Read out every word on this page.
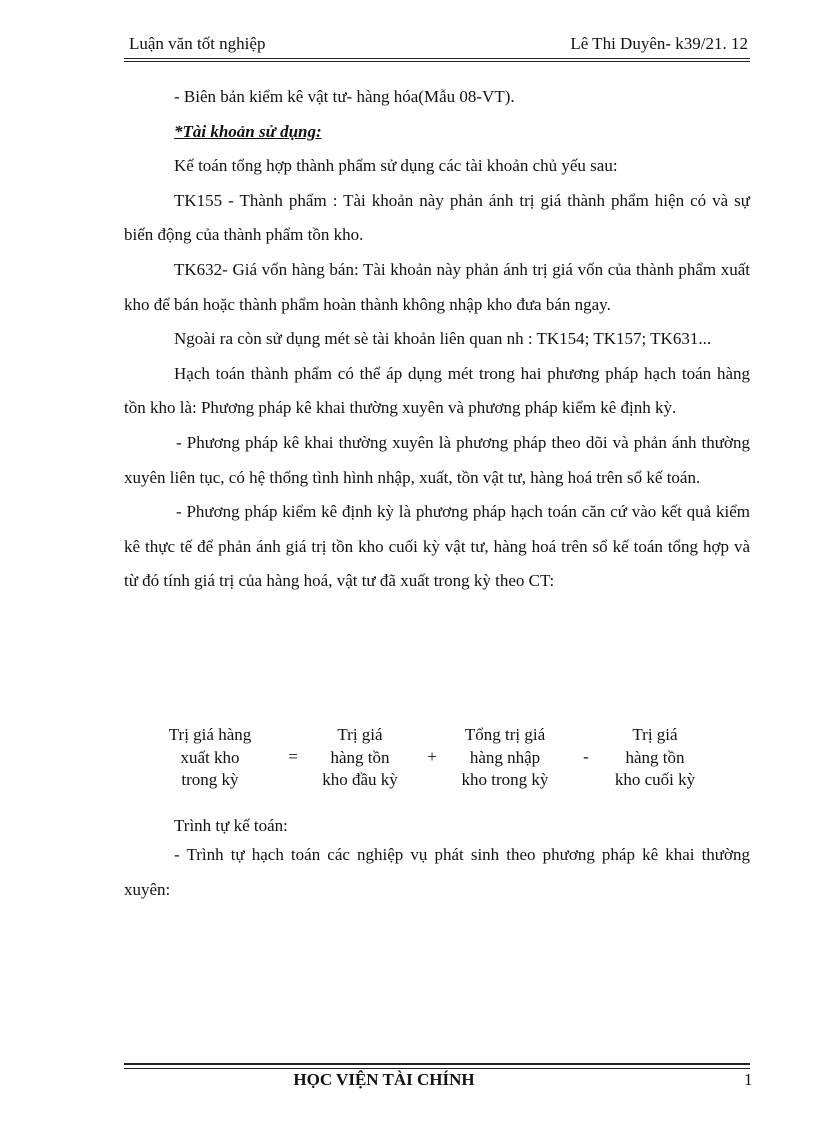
Luận văn tốt nghiệp	Lê Thi Duyên- k39/21. 12

- Biên bản kiểm kê vật tư- hàng hóa(Mẫu 08-VT).

*Tài khoản sử dụng:

Kế toán tổng hợp thành phẩm sử dụng các tài khoản chủ yếu sau:

TK155 - Thành phẩm : Tài khoản này phản ánh trị giá thành phẩm hiện có và sự biến động của thành phẩm tồn kho.

TK632- Giá vốn hàng bán: Tài khoản này phản ánh trị giá vốn của thành phẩm xuất kho để bán hoặc thành phẩm hoàn thành không nhập kho đưa bán ngay.

Ngoài ra còn sử dụng mét sè tài khoản liên quan nh : TK154; TK157; TK631...

Hạch toán thành phẩm có thể áp dụng mét trong hai phương pháp hạch toán hàng tồn kho là: Phương pháp kê khai thường xuyên và phương pháp kiểm kê định kỳ.

- Phương pháp kê khai thường xuyên là phương pháp theo dõi và phản ánh thường xuyên liên tục, có hệ thống tình hình nhập, xuất, tồn vật tư, hàng hoá trên sổ kế toán.

- Phương pháp kiểm kê định kỳ là phương pháp hạch toán căn cứ vào kết quả kiểm kê thực tế để phản ánh giá trị tồn kho cuối kỳ vật tư, hàng hoá trên sổ kế toán tổng hợp và từ đó tính giá trị của hàng hoá, vật tư đã xuất trong kỳ theo CT:

Trị giá hàng
xuất kho
trong kỳ
=
Trị giá
hàng tồn
kho đầu kỳ
+
Tổng trị giá
hàng nhập
kho trong kỳ
-
Trị giá
hàng tồn
kho cuối kỳ

Trình tự kế toán:

- Trình tự hạch toán các nghiệp vụ phát sinh theo phương pháp kê khai thường xuyên:

HỌC VIỆN TÀI CHÍNH	1
